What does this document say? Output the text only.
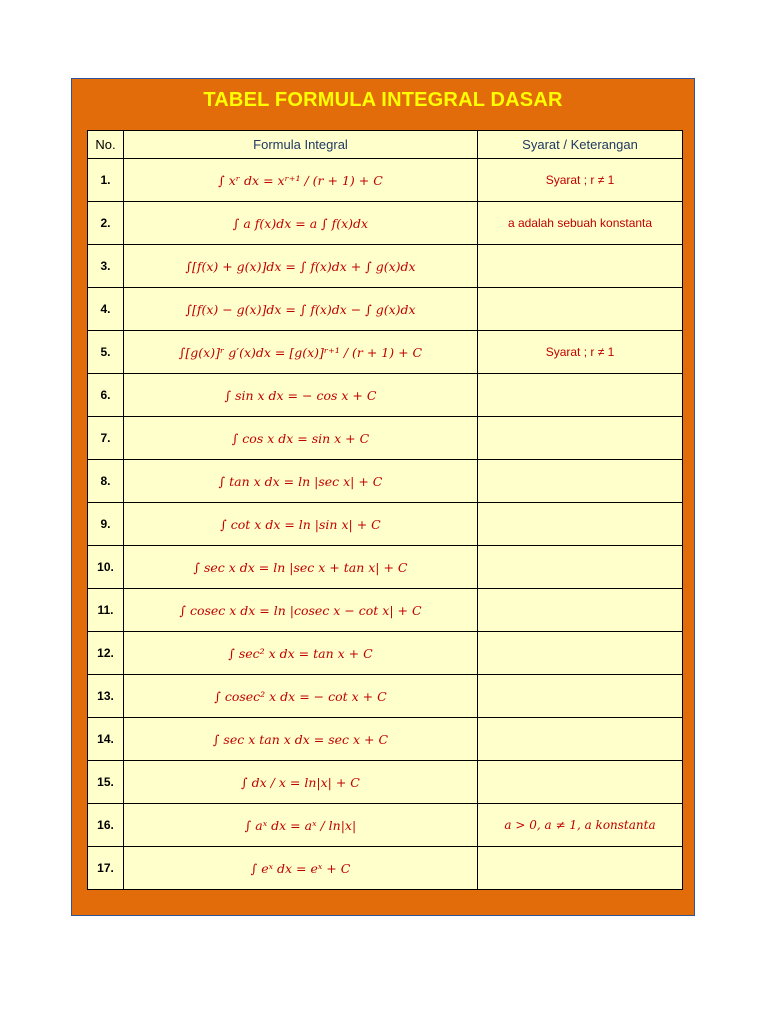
TABEL FORMULA INTEGRAL DASAR
No.	Formula Integral	Syarat / Keterangan
1.	∫ xʳ dx = xʳ⁺¹ ∕ (r + 1) + C	Syarat ; r ≠ 1
2.	∫ a f(x)dx = a ∫ f(x)dx	a adalah sebuah konstanta
3.	∫[f(x) + g(x)]dx = ∫ f(x)dx + ∫ g(x)dx	
4.	∫[f(x) − g(x)]dx = ∫ f(x)dx − ∫ g(x)dx	
5.	∫[g(x)]ʳ g′(x)dx = [g(x)]ʳ⁺¹ ∕ (r + 1) + C	Syarat ; r ≠ 1
6.	∫ sin x dx = − cos x + C	
7.	∫ cos x dx = sin x + C	
8.	∫ tan x dx = ln |sec x| + C	
9.	∫ cot x dx = ln |sin x| + C	
10.	∫ sec x dx = ln |sec x + tan x| + C	
11.	∫ cosec x dx = ln |cosec x − cot x| + C	
12.	∫ sec² x dx = tan x + C	
13.	∫ cosec² x dx = − cot x + C	
14.	∫ sec x tan x dx = sec x + C	
15.	∫ dx ∕ x = ln|x| + C	
16.	∫ aˣ dx = aˣ ∕ ln|x|	a > 0, a ≠ 1, a konstanta
17.	∫ eˣ dx = eˣ + C	
